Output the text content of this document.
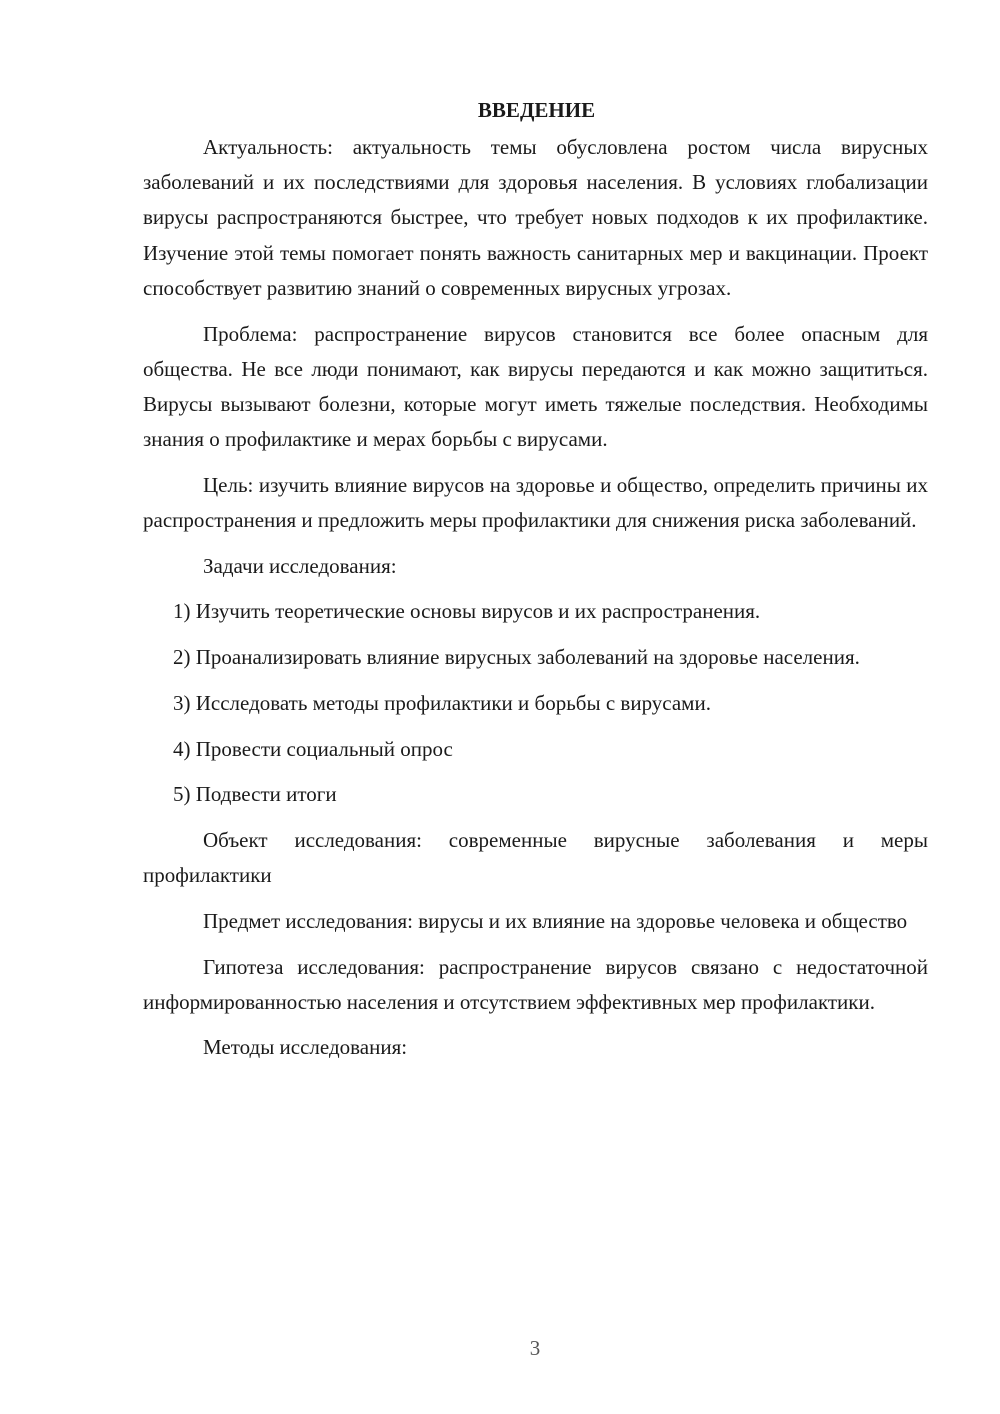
ВВЕДЕНИЕ

Актуальность: актуальность темы обусловлена ростом числа вирусных заболеваний и их последствиями для здоровья населения. В условиях глобализации вирусы распространяются быстрее, что требует новых подходов к их профилактике. Изучение этой темы помогает понять важность санитарных мер и вакцинации. Проект способствует развитию знаний о современных вирусных угрозах.

Проблема: распространение вирусов становится все более опасным для общества. Не все люди понимают, как вирусы передаются и как можно защититься. Вирусы вызывают болезни, которые могут иметь тяжелые последствия. Необходимы знания о профилактике и мерах борьбы с вирусами.

Цель: изучить влияние вирусов на здоровье и общество, определить причины их распространения и предложить меры профилактики для снижения риска заболеваний.

Задачи исследования:

1) Изучить теоретические основы вирусов и их распространения.

2) Проанализировать влияние вирусных заболеваний на здоровье населения.

3) Исследовать методы профилактики и борьбы с вирусами.

4) Провести социальный опрос

5) Подвести итоги

Объект исследования: современные вирусные заболевания и меры профилактики

Предмет исследования: вирусы и их влияние на здоровье человека и общество

Гипотеза исследования: распространение вирусов связано с недостаточной информированностью населения и отсутствием эффективных мер профилактики.

Методы исследования:

3
